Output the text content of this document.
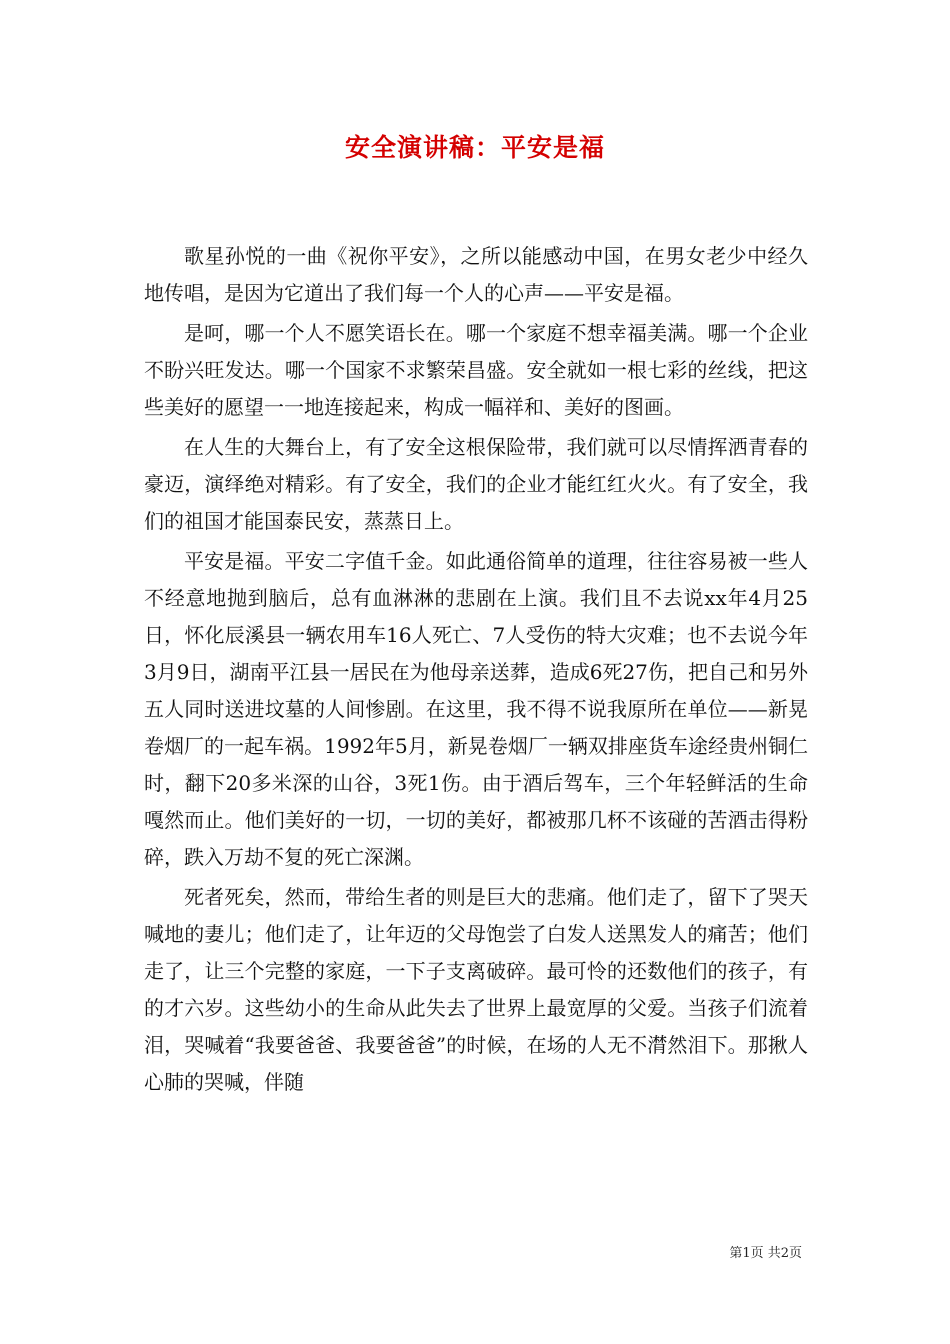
安全演讲稿：平安是福

歌星孙悦的一曲《祝你平安》，之所以能感动中国，在男女老少中经久地传唱，是因为它道出了我们每一个人的心声——平安是福。

是呵，哪一个人不愿笑语长在。哪一个家庭不想幸福美满。哪一个企业不盼兴旺发达。哪一个国家不求繁荣昌盛。安全就如一根七彩的丝线，把这些美好的愿望一一地连接起来，构成一幅祥和、美好的图画。

在人生的大舞台上，有了安全这根保险带，我们就可以尽情挥洒青春的豪迈，演绎绝对精彩。有了安全，我们的企业才能红红火火。有了安全，我们的祖国才能国泰民安，蒸蒸日上。

平安是福。平安二字值千金。如此通俗简单的道理，往往容易被一些人不经意地抛到脑后，总有血淋淋的悲剧在上演。我们且不去说xx年4月25日，怀化辰溪县一辆农用车16人死亡、7人受伤的特大灾难；也不去说今年3月9日，湖南平江县一居民在为他母亲送葬，造成6死27伤，把自己和另外五人同时送进坟墓的人间惨剧。在这里，我不得不说我原所在单位——新晃卷烟厂的一起车祸。1992年5月，新晃卷烟厂一辆双排座货车途经贵州铜仁时，翻下20多米深的山谷，3死1伤。由于酒后驾车，三个年轻鲜活的生命嘎然而止。他们美好的一切，一切的美好，都被那几杯不该碰的苦酒击得粉碎，跌入万劫不复的死亡深渊。

死者死矣，然而，带给生者的则是巨大的悲痛。他们走了，留下了哭天喊地的妻儿；他们走了，让年迈的父母饱尝了白发人送黑发人的痛苦；他们走了，让三个完整的家庭，一下子支离破碎。最可怜的还数他们的孩子，有的才六岁。这些幼小的生命从此失去了世界上最宽厚的父爱。当孩子们流着泪，哭喊着“我要爸爸、我要爸爸”的时候，在场的人无不潸然泪下。那揪人心肺的哭喊，伴随

第1页 共2页
